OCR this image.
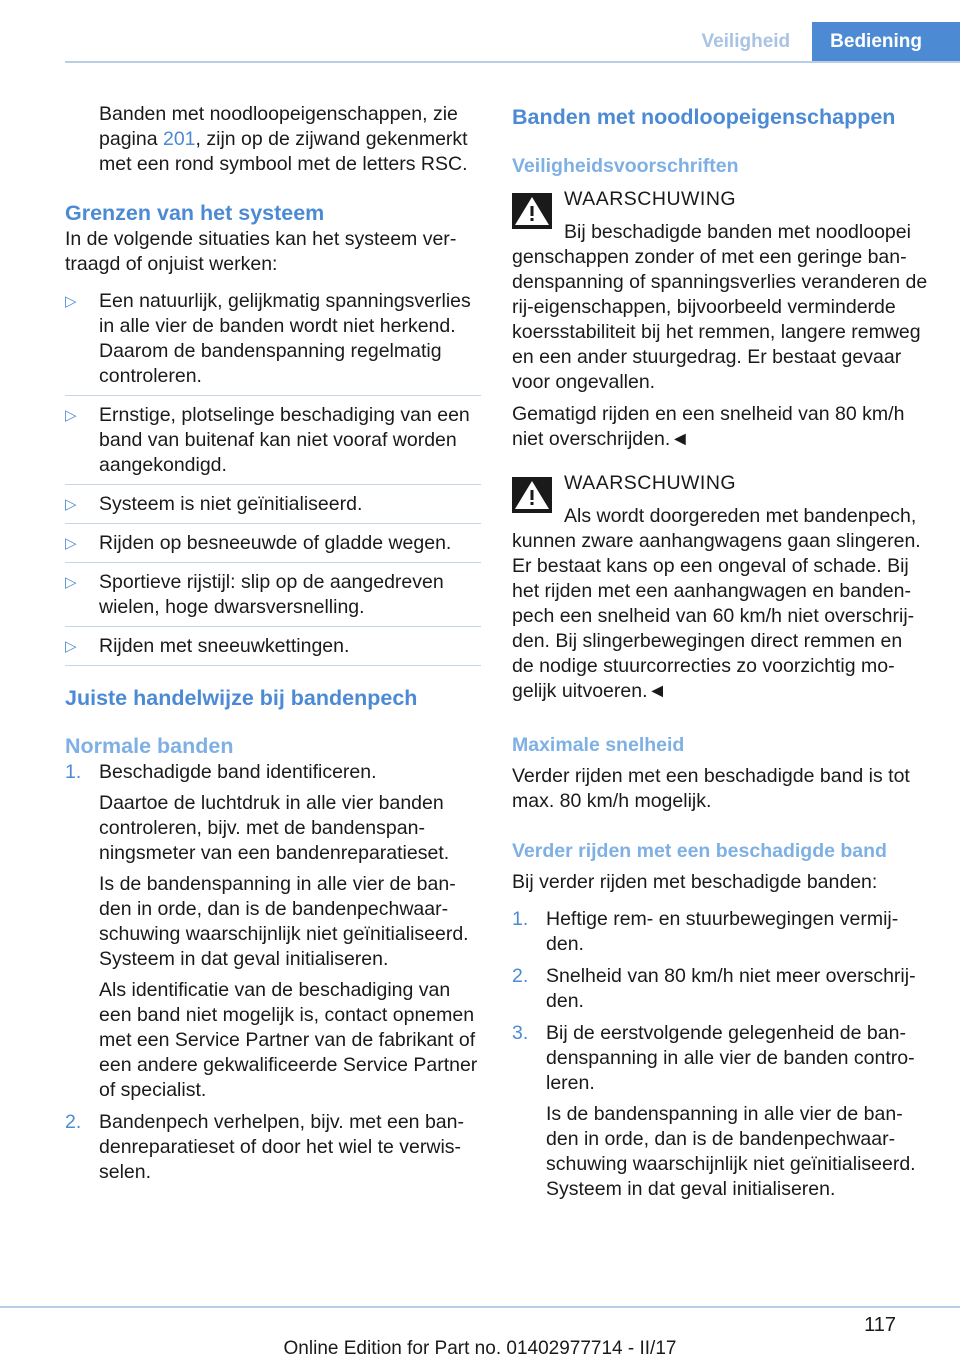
Veiligheid	Bediening

Banden met noodloopeigenschappen, zie pagina 201, zijn op de zijwand gekenmerkt met een rond symbool met de letters RSC.

Grenzen van het systeem

In de volgende situaties kan het systeem vertraagd of onjuist werken:

▷ Een natuurlijk, gelijkmatig spanningsverlies in alle vier de banden wordt niet herkend. Daarom de bandenspanning regelmatig controleren.
▷ Ernstige, plotselinge beschadiging van een band van buitenaf kan niet vooraf worden aangekondigd.
▷ Systeem is niet geïnitialiseerd.
▷ Rijden op besneeuwde of gladde wegen.
▷ Sportieve rijstijl: slip op de aangedreven wielen, hoge dwarsversnelling.
▷ Rijden met sneeuwkettingen.
Juiste handelwijze bij bandenpech
Normale banden
1. Beschadigde band identificeren.
Daartoe de luchtdruk in alle vier banden controleren, bijv. met de bandenspanningsmeter van een bandenreparatieset.
Is de bandenspanning in alle vier de banden in orde, dan is de bandenpechwaarschuwing waarschijnlijk niet geïnitialiseerd. Systeem in dat geval initialiseren.
Als identificatie van de beschadiging van een band niet mogelijk is, contact opnemen met een Service Partner van de fabrikant of een andere gekwalificeerde Service Partner of specialist.
2. Bandenpech verhelpen, bijv. met een bandenreparatieset of door het wiel te verwisselen.
Banden met noodloopeigenschappen
Veiligheidsvoorschriften
WAARSCHUWING
Bij beschadigde banden met noodloopei
genschappen zonder of met een geringe bandenspanning of spanningsverlies veranderen de rij-eigenschappen, bijvoorbeeld verminderde koersstabiliteit bij het remmen, langere remweg en een ander stuurgedrag. Er bestaat gevaar voor ongevallen.
Gematigd rijden en een snelheid van 80 km/h niet overschrijden.◄
WAARSCHUWING
Als wordt doorgereden met bandenpech,
kunnen zware aanhangwagens gaan slingeren. Er bestaat kans op een ongeval of schade. Bij het rijden met een aanhangwagen en bandenpech een snelheid van 60 km/h niet overschrijden. Bij slingerbewegingen direct remmen en de nodige stuurcorrecties zo voorzichtig mogelijk uitvoeren.◄
Maximale snelheid
Verder rijden met een beschadigde band is tot max. 80 km/h mogelijk.
Verder rijden met een beschadigde band
Bij verder rijden met beschadigde banden:
1. Heftige rem- en stuurbewegingen vermijden.
2. Snelheid van 80 km/h niet meer overschrijden.
3. Bij de eerstvolgende gelegenheid de bandenspanning in alle vier de banden controleren.
Is de bandenspanning in alle vier de banden in orde, dan is de bandenpechwaarschuwing waarschijnlijk niet geïnitialiseerd. Systeem in dat geval initialiseren.
117
Online Edition for Part no. 01402977714 - II/17
